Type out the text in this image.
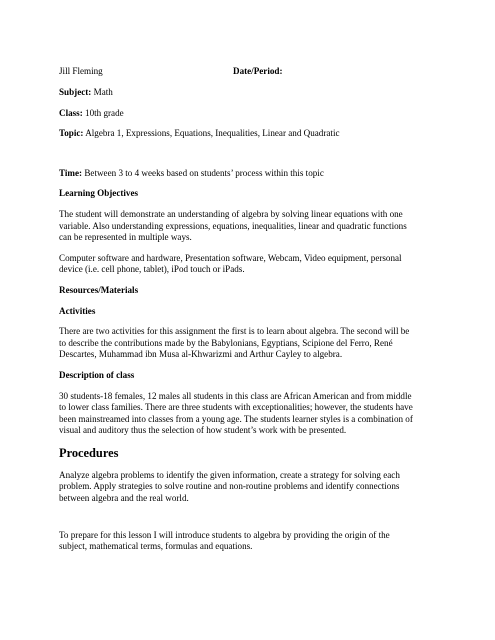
Jill Fleming	Date/Period:

Subject: Math

Class: 10th grade

Topic: Algebra 1, Expressions, Equations, Inequalities, Linear and Quadratic

Time: Between 3 to 4 weeks based on students’ process within this topic

Learning Objectives

The student will demonstrate an understanding of algebra by solving linear equations with one
variable. Also understanding expressions, equations, inequalities, linear and quadratic functions
can be represented in multiple ways.

Computer software and hardware, Presentation software, Webcam, Video equipment, personal
device (i.e. cell phone, tablet), iPod touch or iPads.

Resources/Materials

Activities

There are two activities for this assignment the first is to learn about algebra. The second will be
to describe the contributions made by the Babylonians, Egyptians, Scipione del Ferro, René
Descartes, Muhammad ibn Musa al-Khwarizmi and Arthur Cayley to algebra.

Description of class

30 students-18 females, 12 males all students in this class are African American and from middle
to lower class families. There are three students with exceptionalities; however, the students have
been mainstreamed into classes from a young age. The students learner styles is a combination of
visual and auditory thus the selection of how student’s work with be presented.

Procedures

Analyze algebra problems to identify the given information, create a strategy for solving each
problem. Apply strategies to solve routine and non-routine problems and identify connections
between algebra and the real world.

To prepare for this lesson I will introduce students to algebra by providing the origin of the
subject, mathematical terms, formulas and equations.
